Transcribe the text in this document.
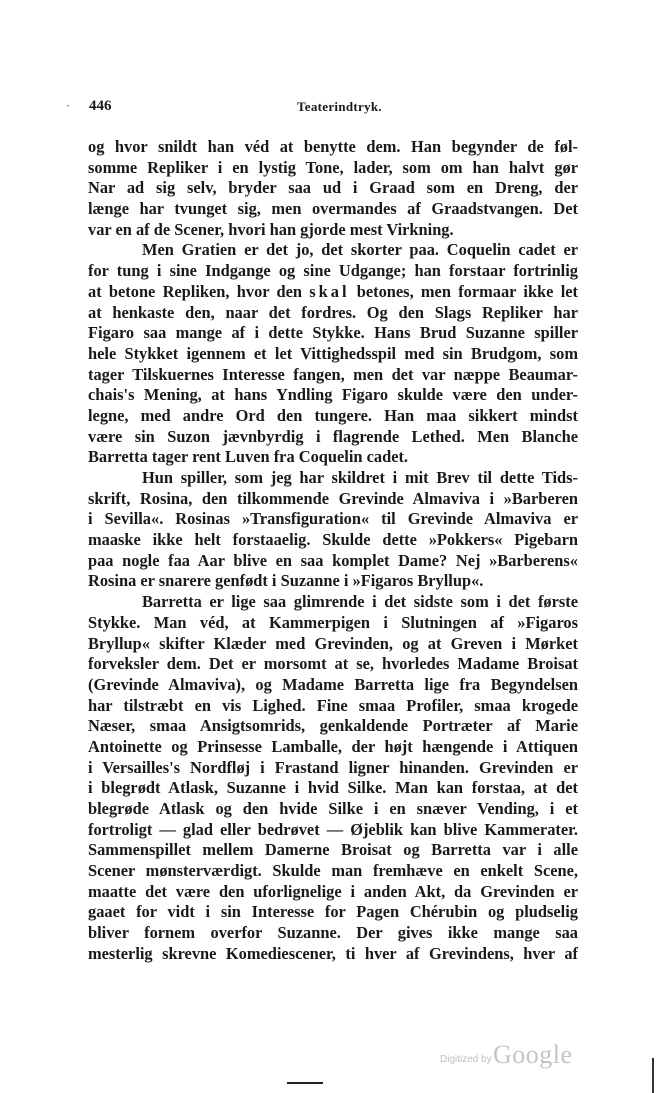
· 446	Teaterindtryk.
og hvor snildt han véd at benytte dem. Han begynder de føl-
somme Repliker i en lystig Tone, lader, som om han halvt gør
Nar ad sig selv, bryder saa ud i Graad som en Dreng, der
længe har tvunget sig, men overmandes af Graadstvangen. Det
var en af de Scener, hvori han gjorde mest Virkning.
Men Gratien er det jo, det skorter paa. Coquelin cadet er
for tung i sine Indgange og sine Udgange; han forstaar fortrinlig
at betone Repliken, hvor den skal betones, men formaar ikke let
at henkaste den, naar det fordres. Og den Slags Repliker har
Figaro saa mange af i dette Stykke. Hans Brud Suzanne spiller
hele Stykket igennem et let Vittighedsspil med sin Brudgom, som
tager Tilskuernes Interesse fangen, men det var næppe Beaumar-
chais's Mening, at hans Yndling Figaro skulde være den under-
legne, med andre Ord den tungere. Han maa sikkert mindst
være sin Suzon jævnbyrdig i flagrende Lethed. Men Blanche
Barretta tager rent Luven fra Coquelin cadet.
Hun spiller, som jeg har skildret i mit Brev til dette Tids-
skrift, Rosina, den tilkommende Grevinde Almaviva i »Barberen
i Sevilla«. Rosinas »Transfiguration« til Grevinde Almaviva er
maaske ikke helt forstaaelig. Skulde dette »Pokkers« Pigebarn
paa nogle faa Aar blive en saa komplet Dame? Nej »Barberens«
Rosina er snarere genfødt i Suzanne i »Figaros Bryllup«.
Barretta er lige saa glimrende i det sidste som i det første
Stykke. Man véd, at Kammerpigen i Slutningen af »Figaros
Bryllup« skifter Klæder med Grevinden, og at Greven i Mørket
forveksler dem. Det er morsomt at se, hvorledes Madame Broisat
(Grevinde Almaviva), og Madame Barretta lige fra Begyndelsen
har tilstræbt en vis Lighed. Fine smaa Profiler, smaa krogede
Næser, smaa Ansigtsomrids, genkaldende Portræter af Marie
Antoinette og Prinsesse Lamballe, der højt hængende i Attiquen
i Versailles's Nordfløj i Frastand ligner hinanden. Grevinden er
i blegrødt Atlask, Suzanne i hvid Silke. Man kan forstaa, at det
blegrøde Atlask og den hvide Silke i en snæver Vending, i et
fortroligt — glad eller bedrøvet — Øjeblik kan blive Kammerater.
Sammenspillet mellem Damerne Broisat og Barretta var i alle
Scener mønsterværdigt. Skulde man fremhæve en enkelt Scene,
maatte det være den uforlignelige i anden Akt, da Grevinden er
gaaet for vidt i sin Interesse for Pagen Chérubin og pludselig
bliver fornem overfor Suzanne. Der gives ikke mange saa
mesterlig skrevne Komediescener, ti hver af Grevindens, hver af
Digitized by Google
